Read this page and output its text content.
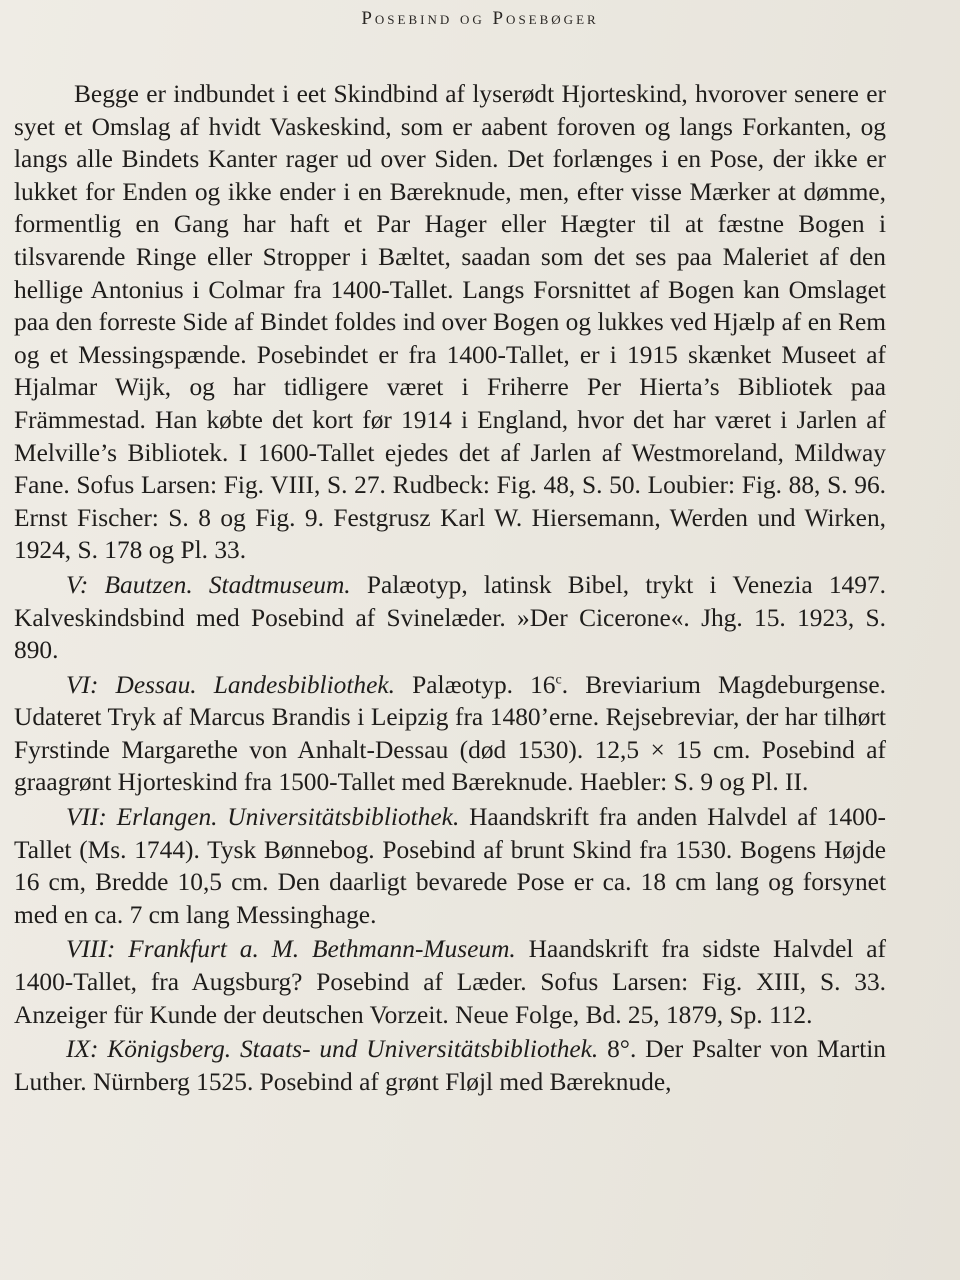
Posebind og Posebøger

Begge er indbundet i eet Skindbind af lyserødt Hjorteskind, hvorover senere er syet et Omslag af hvidt Vaskeskind, som er aabent foroven og langs Forkanten, og langs alle Bindets Kanter rager ud over Siden. Det forlænges i en Pose, der ikke er lukket for Enden og ikke ender i en Bæreknude, men, efter visse Mærker at dømme, formentlig en Gang har haft et Par Hager eller Hægter til at fæstne Bogen i tilsvarende Ringe eller Stropper i Bæltet, saadan som det ses paa Maleriet af den hellige Antonius i Colmar fra 1400-Tallet. Langs Forsnittet af Bogen kan Omslaget paa den forreste Side af Bindet foldes ind over Bogen og lukkes ved Hjælp af en Rem og et Messingspænde. Posebindet er fra 1400-Tallet, er i 1915 skænket Museet af Hjalmar Wijk, og har tidligere været i Friherre Per Hierta’s Bibliotek paa Främmestad. Han købte det kort før 1914 i England, hvor det har været i Jarlen af Melville’s Bibliotek. I 1600-Tallet ejedes det af Jarlen af Westmoreland, Mildway Fane. Sofus Larsen: Fig. VIII, S. 27. Rudbeck: Fig. 48, S. 50. Loubier: Fig. 88, S. 96. Ernst Fischer: S. 8 og Fig. 9. Festgrusz Karl W. Hiersemann, Werden und Wirken, 1924, S. 178 og Pl. 33.

V: Bautzen. Stadtmuseum. Palæotyp, latinsk Bibel, trykt i Venezia 1497. Kalveskindsbind med Posebind af Svinelæder. »Der Cicerone«. Jhg. 15. 1923, S. 890.

VI: Dessau. Landesbibliothek. Palæotyp. 16$^c$. Breviarium Magdeburgense. Udateret Tryk af Marcus Brandis i Leipzig fra 1480’erne. Rejsebreviar, der har tilhørt Fyrstinde Margarethe von Anhalt-Dessau (død 1530). 12,5 × 15 cm. Posebind af graagrønt Hjorteskind fra 1500-Tallet med Bæreknude. Haebler: S. 9 og Pl. II.

VII: Erlangen. Universitätsbibliothek. Haandskrift fra anden Halvdel af 1400-Tallet (Ms. 1744). Tysk Bønnebog. Posebind af brunt Skind fra 1530. Bogens Højde 16 cm, Bredde 10,5 cm. Den daarligt bevarede Pose er ca. 18 cm lang og forsynet med en ca. 7 cm lang Messinghage.

VIII: Frankfurt a. M. Bethmann-Museum. Haandskrift fra sidste Halvdel af 1400-Tallet, fra Augsburg? Posebind af Læder. Sofus Larsen: Fig. XIII, S. 33. Anzeiger für Kunde der deutschen Vorzeit. Neue Folge, Bd. 25, 1879, Sp. 112.

IX: Königsberg. Staats- und Universitätsbibliothek. 8°. Der Psalter von Martin Luther. Nürnberg 1525. Posebind af grønt Fløjl med Bæreknude,
